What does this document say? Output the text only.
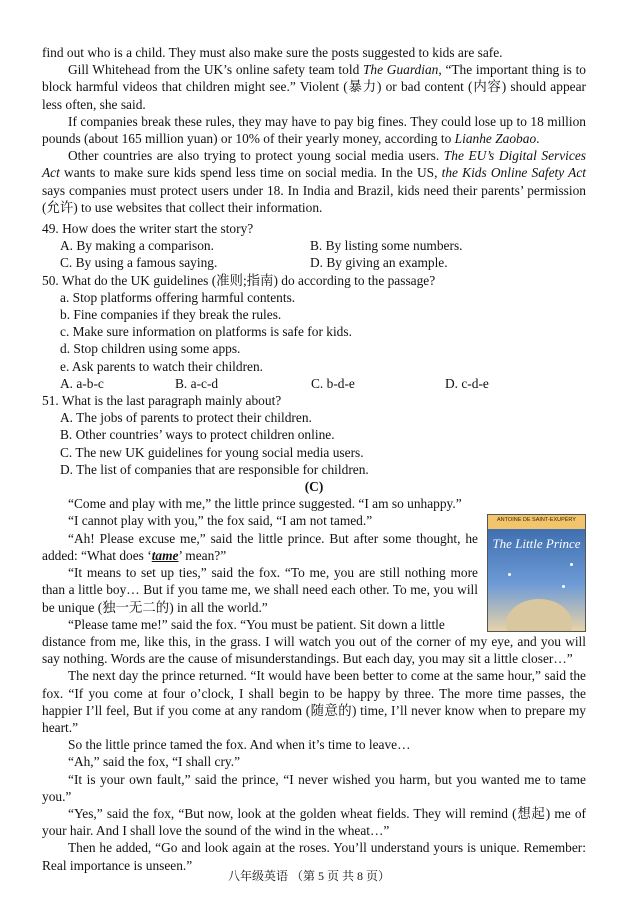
find out who is a child. They must also make sure the posts suggested to kids are safe.

Gill Whitehead from the UK’s online safety team told The Guardian, “The important thing is to block harmful videos that children might see.” Violent (暴力) or bad content (内容) should appear less often, she said.

If companies break these rules, they may have to pay big fines. They could lose up to 18 million pounds (about 165 million yuan) or 10% of their yearly money, according to Lianhe Zaobao.

Other countries are also trying to protect young social media users. The EU’s Digital Services Act wants to make sure kids spend less time on social media. In the US, the Kids Online Safety Act says companies must protect users under 18. In India and Brazil, kids need their parents’ permission (允许) to use websites that collect their information.

49. How does the writer start the story?

A. By making a comparison.	B. By listing some numbers.
C. By using a famous saying.	D. By giving an example.

50. What do the UK guidelines (准则;指南) do according to the passage?

a. Stop platforms offering harmful contents.

b. Fine companies if they break the rules.

c. Make sure information on platforms is safe for kids.

d. Stop children using some apps.

e. Ask parents to watch their children.

A. a-b-c	B. a-c-d	C. b-d-e	D. c-d-e

51. What is the last paragraph mainly about?

A. The jobs of parents to protect their children.

B. Other countries’ ways to protect children online.

C. The new UK guidelines for young social media users.

D. The list of companies that are responsible for children.

(C)

ANTOINE DE SAINT-EXUPÉRY
The Little Prince

“Come and play with me,” the little prince suggested. “I am so unhappy.”

“I cannot play with you,” the fox said, “I am not tamed.”

“Ah! Please excuse me,” said the little prince. But after some thought, he added: “What does ‘tame’ mean?”

“It means to set up ties,” said the fox. “To me, you are still nothing more than a little boy… But if you tame me, we shall need each other. To me, you will be unique (独一无二的) in all the world.”

“Please tame me!” said the fox. “You must be patient. Sit down a little

distance from me, like this, in the grass. I will watch you out of the corner of my eye, and you will say nothing. Words are the cause of misunderstandings. But each day, you may sit a little closer…”

The next day the prince returned. “It would have been better to come at the same hour,” said the fox. “If you come at four o’clock, I shall begin to be happy by three. The more time passes, the happier I’ll feel, But if you come at any random (随意的) time, I’ll never know when to prepare my heart.”

So the little prince tamed the fox. And when it’s time to leave…

“Ah,” said the fox, “I shall cry.”

“It is your own fault,” said the prince, “I never wished you harm, but you wanted me to tame you.”

“Yes,” said the fox, “But now, look at the golden wheat fields. They will remind (想起) me of your hair. And I shall love the sound of the wind in the wheat…”

Then he added, “Go and look again at the roses. You’ll understand yours is unique. Remember: Real importance is unseen.”

八年级英语 （第 5 页 共 8 页）
